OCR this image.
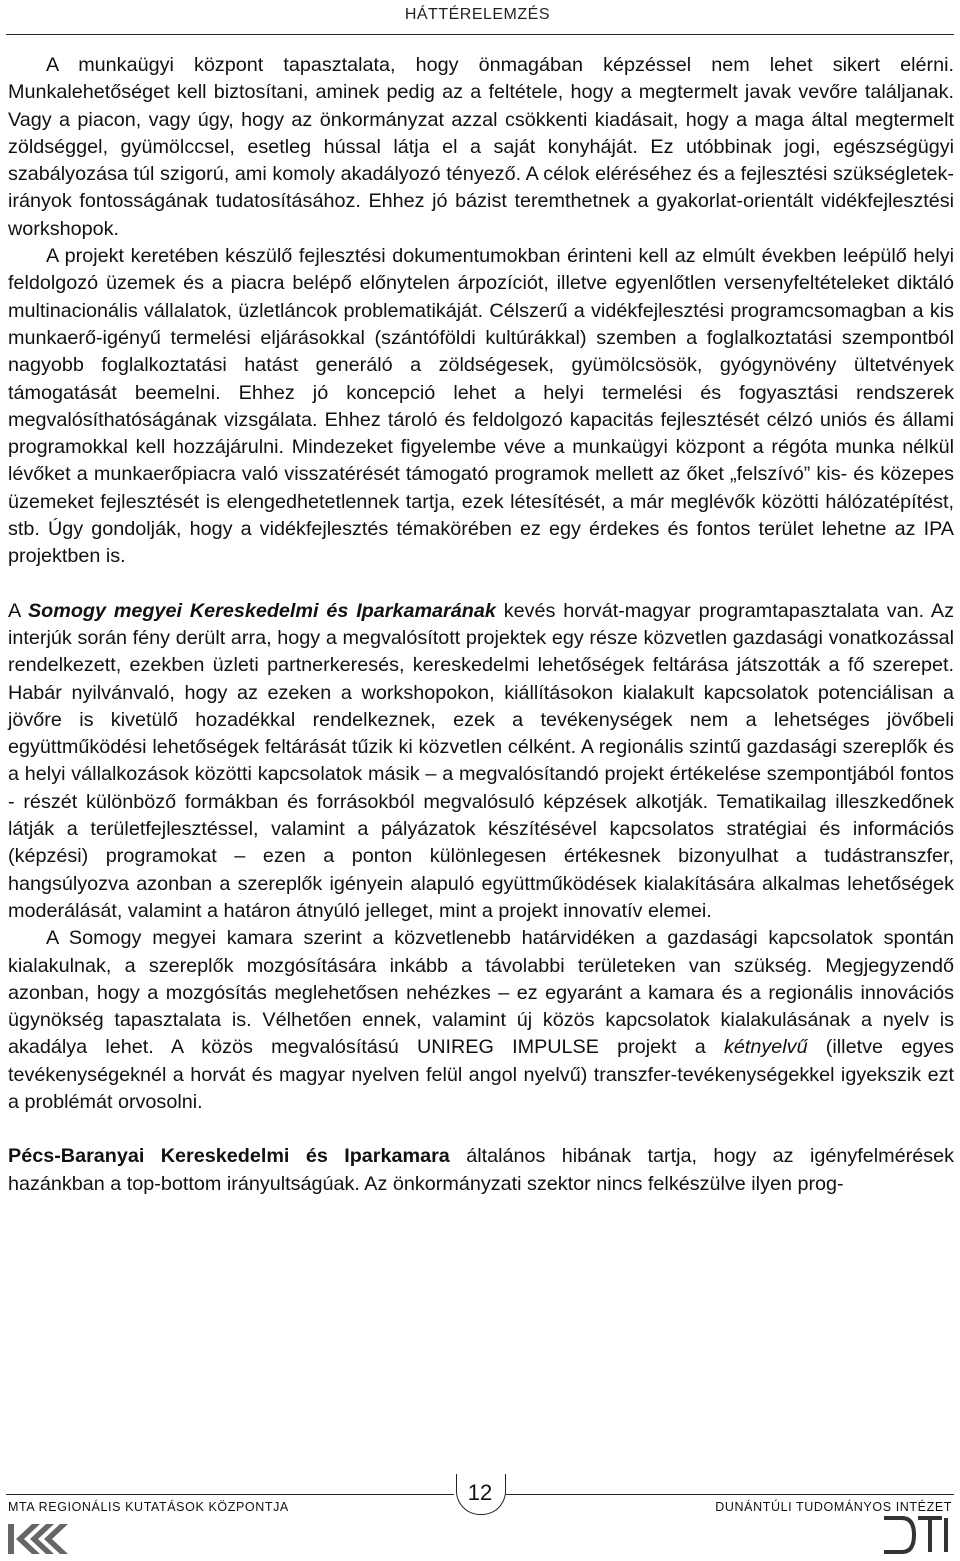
HÁTTÉRELEMZÉS

A munkaügyi központ tapasztalata, hogy önmagában képzéssel nem lehet sikert elérni. Munkalehetőséget kell biztosítani, aminek pedig az a feltétele, hogy a megtermelt javak vevőre találjanak. Vagy a piacon, vagy úgy, hogy az önkormányzat azzal csökkenti kiadásait, hogy a maga által megtermelt zöldséggel, gyümölccsel, esetleg hússal látja el a saját konyháját. Ez utóbbinak jogi, egészségügyi szabályozása túl szigorú, ami komoly akadályozó tényező. A célok eléréséhez és a fejlesztési szükségletek-irányok fontosságának tudatosításához. Ehhez jó bázist teremthetnek a gyakorlat-orientált vidékfejlesztési workshopok.

A projekt keretében készülő fejlesztési dokumentumokban érinteni kell az elmúlt években leépülő helyi feldolgozó üzemek és a piacra belépő előnytelen árpozíciót, illetve egyenlőtlen versenyfeltételeket diktáló multinacionális vállalatok, üzletláncok problematikáját. Célszerű a vidékfejlesztési programcsomagban a kis munkaerő-igényű termelési eljárásokkal (szántóföldi kultúrákkal) szemben a foglalkoztatási szempontból nagyobb foglalkoztatási hatást generáló a zöldségesek, gyümölcsösök, gyógynövény ültetvények támogatását beemelni. Ehhez jó koncepció lehet a helyi termelési és fogyasztási rendszerek megvalósíthatóságának vizsgálata. Ehhez tároló és feldolgozó kapacitás fejlesztését célzó uniós és állami programokkal kell hozzájárulni. Mindezeket figyelembe véve a munkaügyi központ a régóta munka nélkül lévőket a munkaerőpiacra való visszatérését támogató programok mellett az őket „felszívó” kis- és közepes üzemeket fejlesztését is elengedhetetlennek tartja, ezek létesítését, a már meglévők közötti hálózatépítést, stb. Úgy gondolják, hogy a vidékfejlesztés témakörében ez egy érdekes és fontos terület lehetne az IPA projektben is.

A Somogy megyei Kereskedelmi és Iparkamarának kevés horvát-magyar programtapasztalata van. Az interjúk során fény derült arra, hogy a megvalósított projektek egy része közvetlen gazdasági vonatkozással rendelkezett, ezekben üzleti partnerkeresés, kereskedelmi lehetőségek feltárása játszották a fő szerepet. Habár nyilvánvaló, hogy az ezeken a workshopokon, kiállításokon kialakult kapcsolatok potenciálisan a jövőre is kivetülő hozadékkal rendelkeznek, ezek a tevékenységek nem a lehetséges jövőbeli együttműködési lehetőségek feltárását tűzik ki közvetlen célként. A regionális szintű gazdasági szereplők és a helyi vállalkozások közötti kapcsolatok másik – a megvalósítandó projekt értékelése szempontjából fontos - részét különböző formákban és forrásokból megvalósuló képzések alkotják. Tematikailag illeszkedőnek látják a területfejlesztéssel, valamint a pályázatok készítésével kapcsolatos stratégiai és információs (képzési) programokat – ezen a ponton különlegesen értékesnek bizonyulhat a tudástranszfer, hangsúlyozva azonban a szereplők igényein alapuló együttműködések kialakítására alkalmas lehetőségek moderálását, valamint a határon átnyúló jelleget, mint a projekt innovatív elemei.

A Somogy megyei kamara szerint a közvetlenebb határvidéken a gazdasági kapcsolatok spontán kialakulnak, a szereplők mozgósítására inkább a távolabbi területeken van szükség. Megjegyzendő azonban, hogy a mozgósítás meglehetősen nehézkes – ez egyaránt a kamara és a regionális innovációs ügynökség tapasztalata is. Vélhetően ennek, valamint új közös kapcsolatok kialakulásának a nyelv is akadálya lehet. A közös megvalósítású UNIREG IMPULSE projekt a kétnyelvű (illetve egyes tevékenységeknél a horvát és magyar nyelven felül angol nyelvű) transzfer-tevékenységekkel igyekszik ezt a problémát orvosolni.

Pécs-Baranyai Kereskedelmi és Iparkamara általános hibának tartja, hogy az igényfelmérések hazánkban a top-bottom irányultságúak. Az önkormányzati szektor nincs felkészülve ilyen prog-

12
MTA REGIONÁLIS KUTATÁSOK KÖZPONTJA	DUNÁNTÚLI TUDOMÁNYOS INTÉZET
